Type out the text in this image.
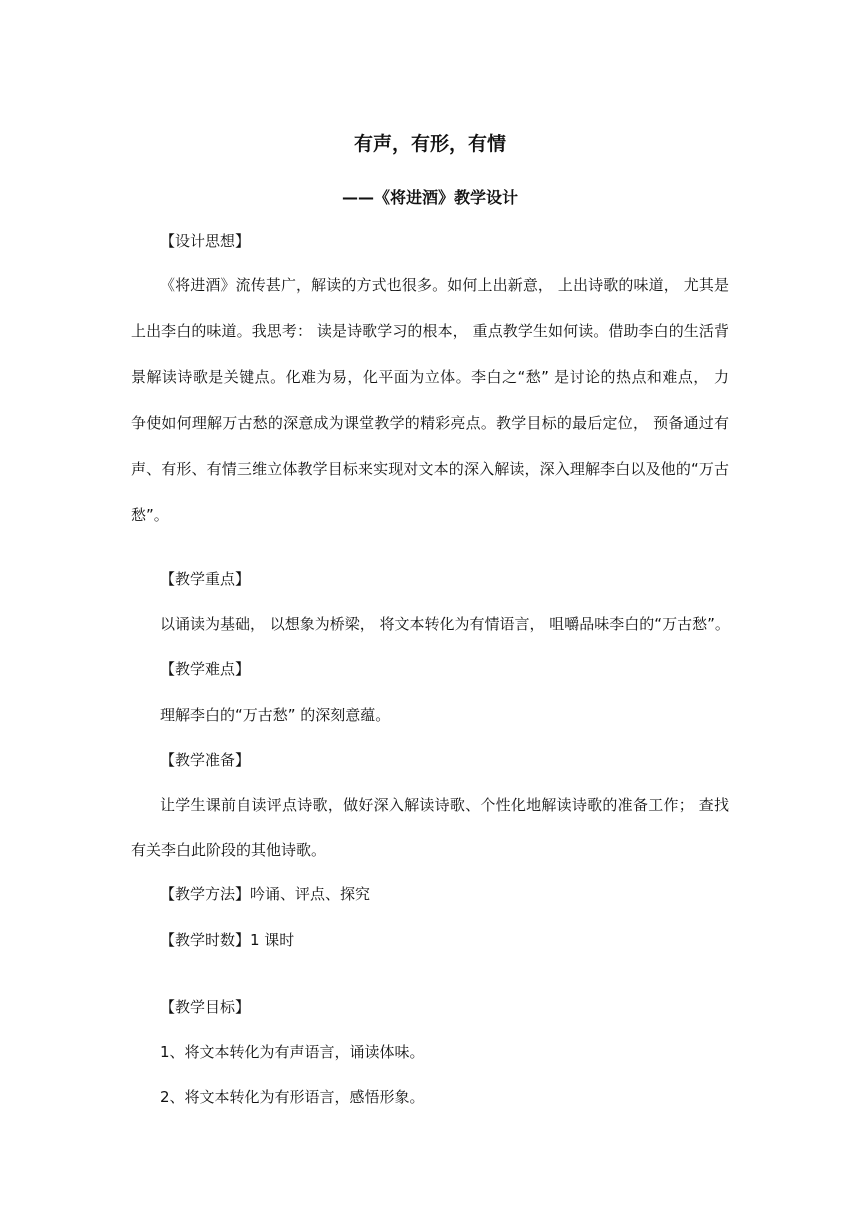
有声，有形，有情
——《将进酒》教学设计
【设计思想】
《将进酒》流传甚广，解读的方式也很多。如何上出新意， 上出诗歌的味道， 尤其是
上出李白的味道。我思考： 读是诗歌学习的根本， 重点教学生如何读。借助李白的生活背
景解读诗歌是关键点。化难为易，化平面为立体。李白之“愁” 是讨论的热点和难点， 力
争使如何理解万古愁的深意成为课堂教学的精彩亮点。教学目标的最后定位， 预备通过有
声、有形、有情三维立体教学目标来实现对文本的深入解读，深入理解李白以及他的“万古
愁”。
【教学重点】
以诵读为基础， 以想象为桥梁， 将文本转化为有情语言， 咀嚼品味李白的“万古愁”。
【教学难点】
理解李白的“万古愁” 的深刻意蕴。
【教学准备】
让学生课前自读评点诗歌，做好深入解读诗歌、个性化地解读诗歌的准备工作； 查找
有关李白此阶段的其他诗歌。
【教学方法】吟诵、评点、探究
【教学时数】1 课时
【教学目标】
1、将文本转化为有声语言，诵读体味。
2、将文本转化为有形语言，感悟形象。
